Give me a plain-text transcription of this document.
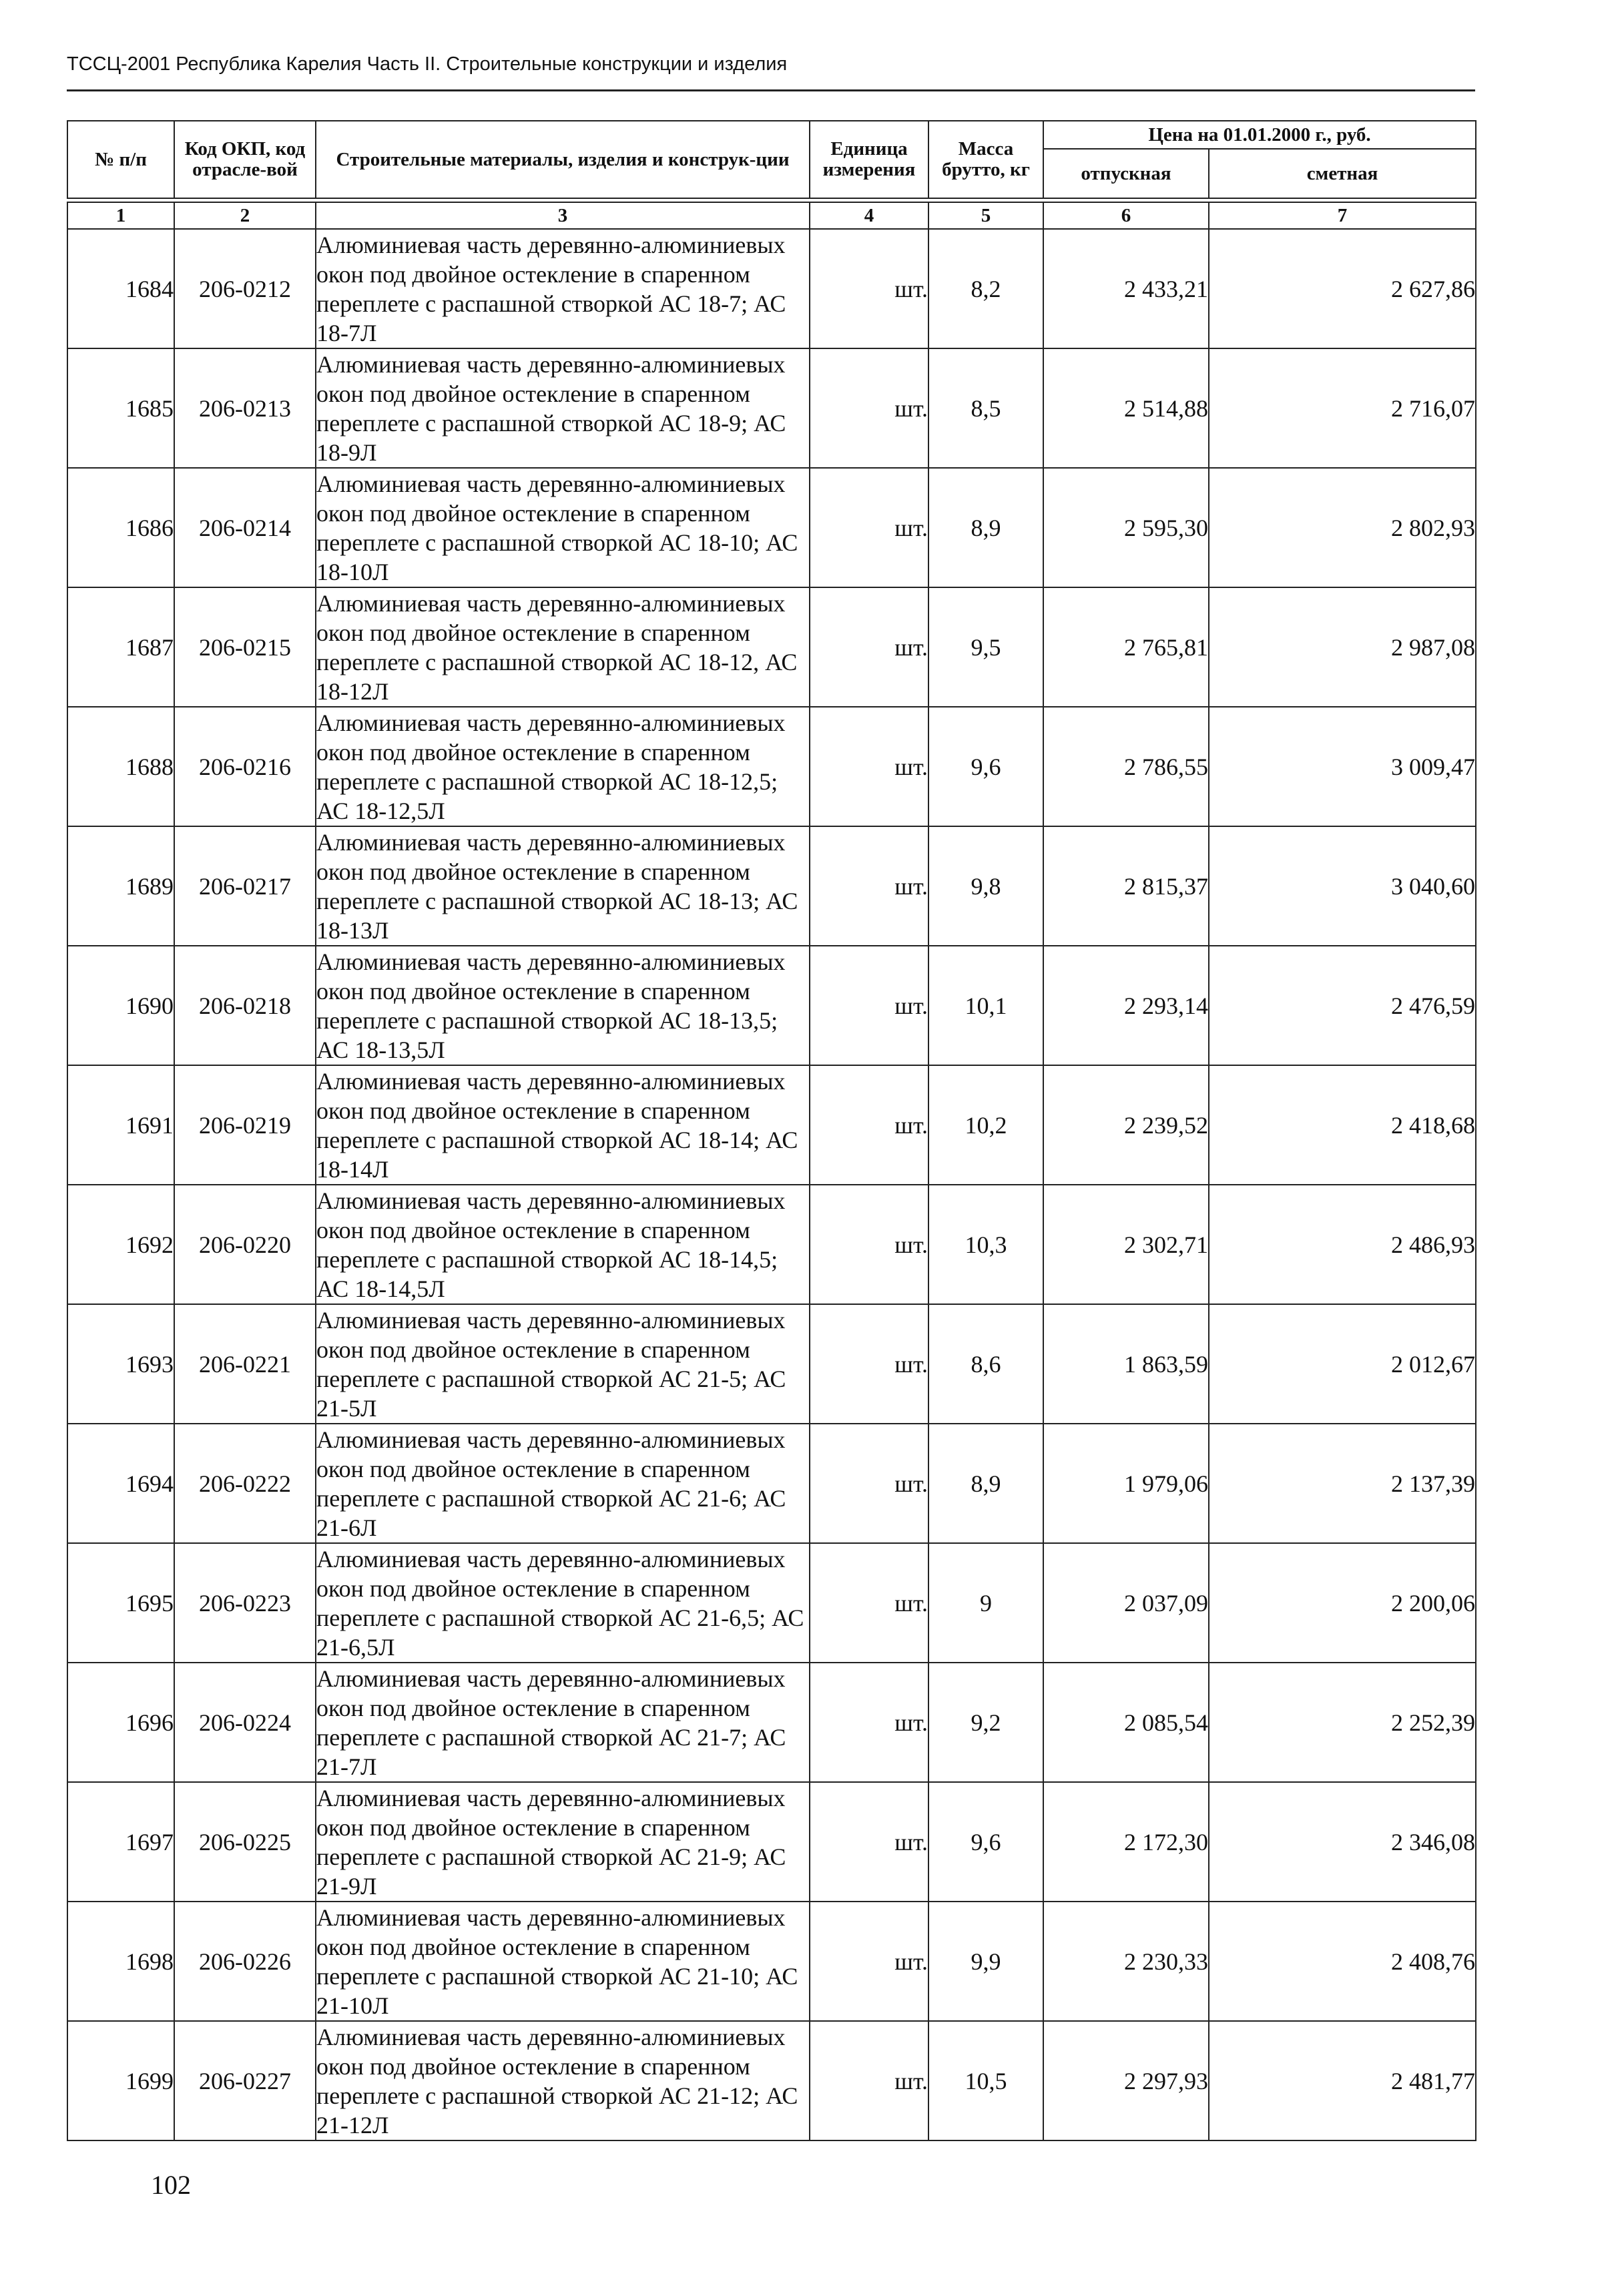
ТССЦ-2001 Республика Карелия Часть II. Строительные конструкции и изделия
№ п/п	Код ОКП, код отрасле-вой	Строительные материалы, изделия и конструк-ции	Единица измерения	Масса брутто, кг	Цена на 01.01.2000 г., руб.	
					отпускная	сметная

1	2	3	4	5	6	7
1684	206-0212	Алюминиевая часть деревянно-алюминиевых окон под двойное остекление в спаренном переплете с распашной створкой АС 18-7; АС 18-7Л	шт.	8,2	2 433,21	2 627,86
1685	206-0213	Алюминиевая часть деревянно-алюминиевых окон под двойное остекление в спаренном переплете с распашной створкой АС 18-9; АС 18-9Л	шт.	8,5	2 514,88	2 716,07
1686	206-0214	Алюминиевая часть деревянно-алюминиевых окон под двойное остекление в спаренном переплете с распашной створкой АС 18-10; АС 18-10Л	шт.	8,9	2 595,30	2 802,93
1687	206-0215	Алюминиевая часть деревянно-алюминиевых окон под двойное остекление в спаренном переплете с распашной створкой АС 18-12, АС 18-12Л	шт.	9,5	2 765,81	2 987,08
1688	206-0216	Алюминиевая часть деревянно-алюминиевых окон под двойное остекление в спаренном переплете с распашной створкой АС 18-12,5; АС 18-12,5Л	шт.	9,6	2 786,55	3 009,47
1689	206-0217	Алюминиевая часть деревянно-алюминиевых окон под двойное остекление в спаренном переплете с распашной створкой АС 18-13; АС 18-13Л	шт.	9,8	2 815,37	3 040,60
1690	206-0218	Алюминиевая часть деревянно-алюминиевых окон под двойное остекление в спаренном переплете с распашной створкой АС 18-13,5; АС 18-13,5Л	шт.	10,1	2 293,14	2 476,59
1691	206-0219	Алюминиевая часть деревянно-алюминиевых окон под двойное остекление в спаренном переплете с распашной створкой АС 18-14; АС 18-14Л	шт.	10,2	2 239,52	2 418,68
1692	206-0220	Алюминиевая часть деревянно-алюминиевых окон под двойное остекление в спаренном переплете с распашной створкой АС 18-14,5; АС 18-14,5Л	шт.	10,3	2 302,71	2 486,93
1693	206-0221	Алюминиевая часть деревянно-алюминиевых окон под двойное остекление в спаренном переплете с распашной створкой АС 21-5; АС 21-5Л	шт.	8,6	1 863,59	2 012,67
1694	206-0222	Алюминиевая часть деревянно-алюминиевых окон под двойное остекление в спаренном переплете с распашной створкой АС 21-6; АС 21-6Л	шт.	8,9	1 979,06	2 137,39
1695	206-0223	Алюминиевая часть деревянно-алюминиевых окон под двойное остекление в спаренном переплете с распашной створкой АС 21-6,5; АС 21-6,5Л	шт.	9	2 037,09	2 200,06
1696	206-0224	Алюминиевая часть деревянно-алюминиевых окон под двойное остекление в спаренном переплете с распашной створкой АС 21-7; АС 21-7Л	шт.	9,2	2 085,54	2 252,39
1697	206-0225	Алюминиевая часть деревянно-алюминиевых окон под двойное остекление в спаренном переплете с распашной створкой АС 21-9; АС 21-9Л	шт.	9,6	2 172,30	2 346,08
1698	206-0226	Алюминиевая часть деревянно-алюминиевых окон под двойное остекление в спаренном переплете с распашной створкой АС 21-10; АС 21-10Л	шт.	9,9	2 230,33	2 408,76
1699	206-0227	Алюминиевая часть деревянно-алюминиевых окон под двойное остекление в спаренном переплете с распашной створкой АС 21-12; АС 21-12Л	шт.	10,5	2 297,93	2 481,77
102
